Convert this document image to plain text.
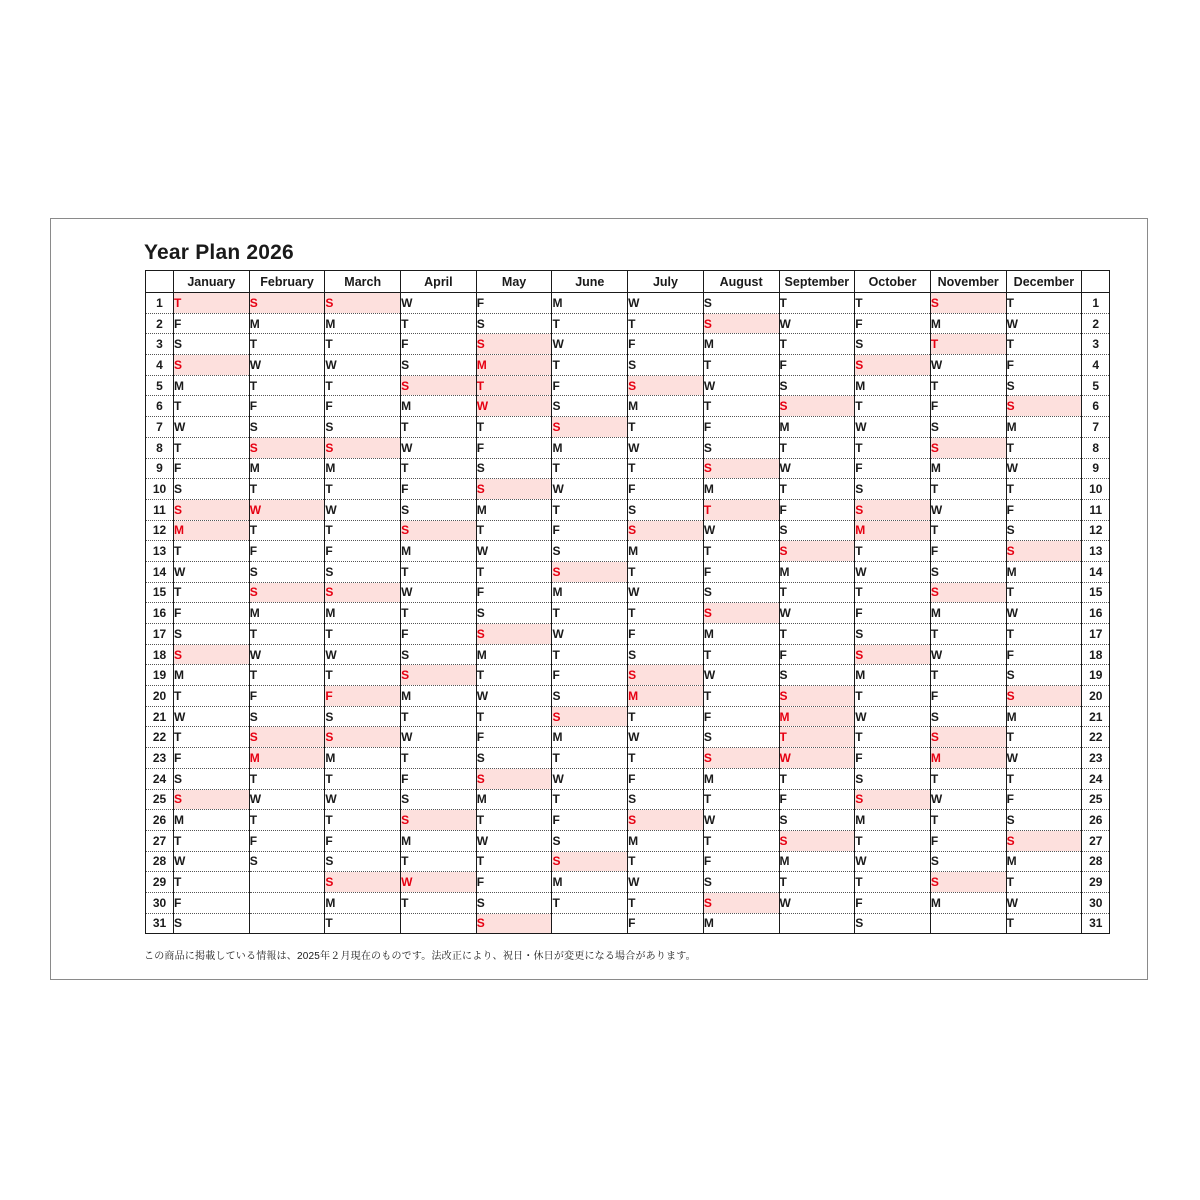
Year Plan 2026
	January	February	March	April	May	June	July	August	September	October	November	December	
1	T	S	S	W	F	M	W	S	T	T	S	T	1
2	F	M	M	T	S	T	T	S	W	F	M	W	2
3	S	T	T	F	S	W	F	M	T	S	T	T	3
4	S	W	W	S	M	T	S	T	F	S	W	F	4
5	M	T	T	S	T	F	S	W	S	M	T	S	5
6	T	F	F	M	W	S	M	T	S	T	F	S	6
7	W	S	S	T	T	S	T	F	M	W	S	M	7
8	T	S	S	W	F	M	W	S	T	T	S	T	8
9	F	M	M	T	S	T	T	S	W	F	M	W	9
10	S	T	T	F	S	W	F	M	T	S	T	T	10
11	S	W	W	S	M	T	S	T	F	S	W	F	11
12	M	T	T	S	T	F	S	W	S	M	T	S	12
13	T	F	F	M	W	S	M	T	S	T	F	S	13
14	W	S	S	T	T	S	T	F	M	W	S	M	14
15	T	S	S	W	F	M	W	S	T	T	S	T	15
16	F	M	M	T	S	T	T	S	W	F	M	W	16
17	S	T	T	F	S	W	F	M	T	S	T	T	17
18	S	W	W	S	M	T	S	T	F	S	W	F	18
19	M	T	T	S	T	F	S	W	S	M	T	S	19
20	T	F	F	M	W	S	M	T	S	T	F	S	20
21	W	S	S	T	T	S	T	F	M	W	S	M	21
22	T	S	S	W	F	M	W	S	T	T	S	T	22
23	F	M	M	T	S	T	T	S	W	F	M	W	23
24	S	T	T	F	S	W	F	M	T	S	T	T	24
25	S	W	W	S	M	T	S	T	F	S	W	F	25
26	M	T	T	S	T	F	S	W	S	M	T	S	26
27	T	F	F	M	W	S	M	T	S	T	F	S	27
28	W	S	S	T	T	S	T	F	M	W	S	M	28
29	T		S	W	F	M	W	S	T	T	S	T	29
30	F		M	T	S	T	T	S	W	F	M	W	30
31	S		T		S		F	M		S		T	31

この商品に掲載している情報は、2025年２月現在のものです。法改正により、祝日・休日が変更になる場合があります。
